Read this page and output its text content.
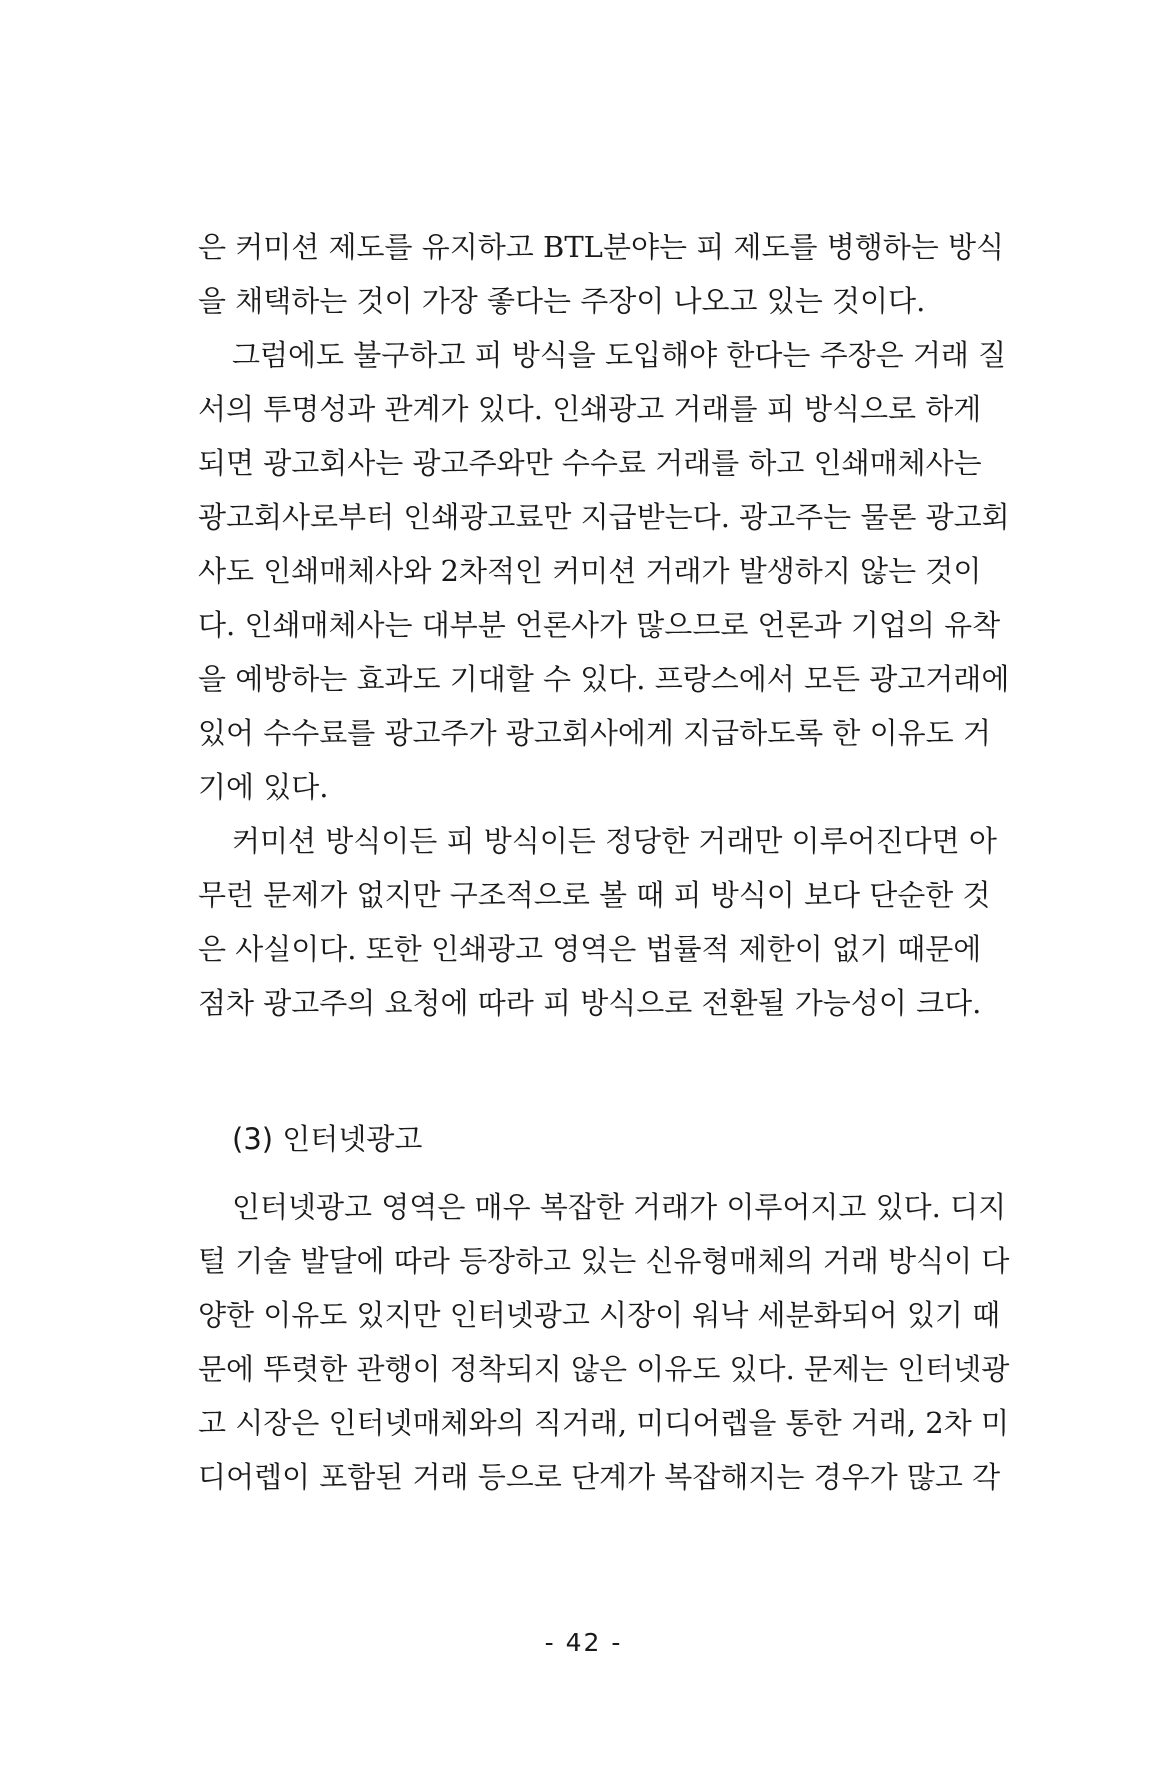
은 커미션 제도를 유지하고 BTL분야는 피 제도를 병행하는 방식
을 채택하는 것이 가장 좋다는 주장이 나오고 있는 것이다.
그럼에도 불구하고 피 방식을 도입해야 한다는 주장은 거래 질
서의 투명성과 관계가 있다. 인쇄광고 거래를 피 방식으로 하게
되면 광고회사는 광고주와만 수수료 거래를 하고 인쇄매체사는
광고회사로부터 인쇄광고료만 지급받는다. 광고주는 물론 광고회
사도 인쇄매체사와 2차적인 커미션 거래가 발생하지 않는 것이
다. 인쇄매체사는 대부분 언론사가 많으므로 언론과 기업의 유착
을 예방하는 효과도 기대할 수 있다. 프랑스에서 모든 광고거래에
있어 수수료를 광고주가 광고회사에게 지급하도록 한 이유도 거
기에 있다.
커미션 방식이든 피 방식이든 정당한 거래만 이루어진다면 아
무런 문제가 없지만 구조적으로 볼 때 피 방식이 보다 단순한 것
은 사실이다. 또한 인쇄광고 영역은 법률적 제한이 없기 때문에
점차 광고주의 요청에 따라 피 방식으로 전환될 가능성이 크다.
(3) 인터넷광고
인터넷광고 영역은 매우 복잡한 거래가 이루어지고 있다. 디지
털 기술 발달에 따라 등장하고 있는 신유형매체의 거래 방식이 다
양한 이유도 있지만 인터넷광고 시장이 워낙 세분화되어 있기 때
문에 뚜렷한 관행이 정착되지 않은 이유도 있다. 문제는 인터넷광
고 시장은 인터넷매체와의 직거래, 미디어렙을 통한 거래, 2차 미
디어렙이 포함된 거래 등으로 단계가 복잡해지는 경우가 많고 각
- 42 -
